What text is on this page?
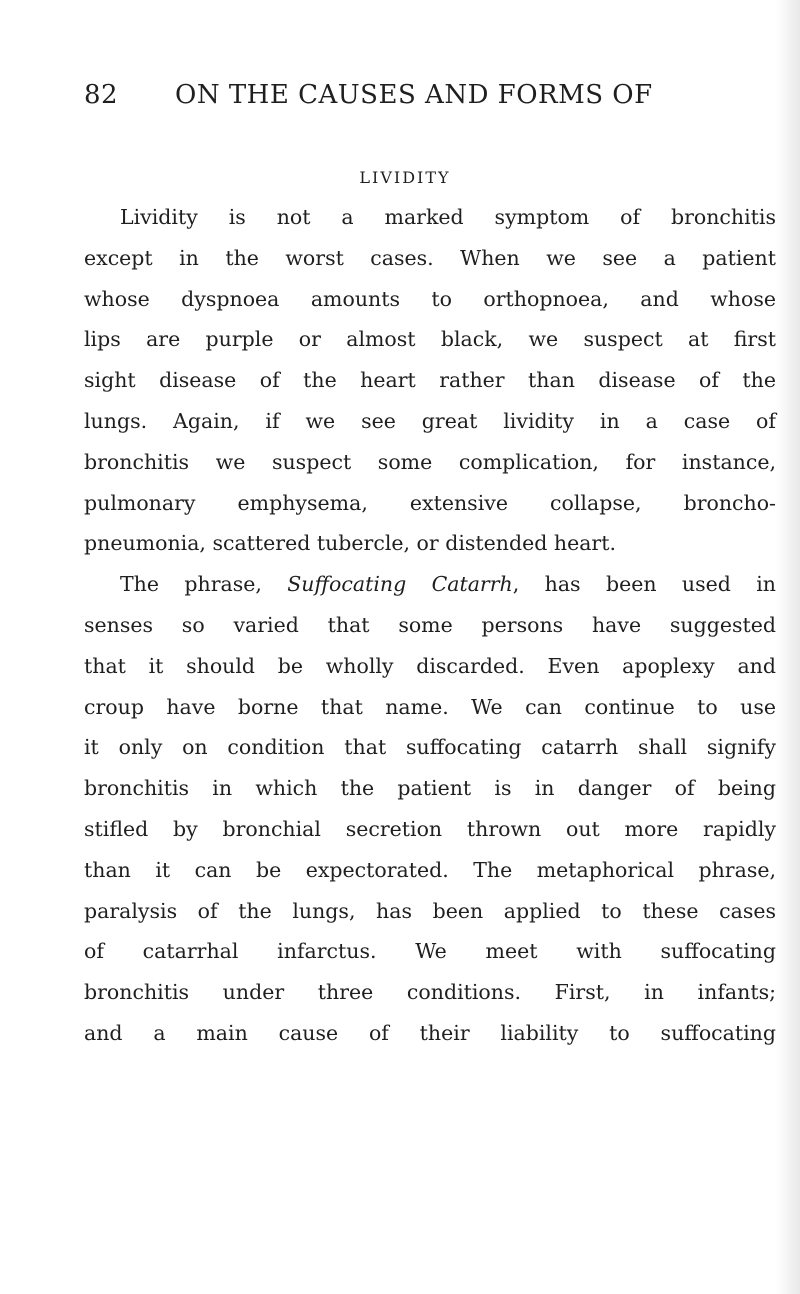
82 ON THE CAUSES AND FORMS OF
LIVIDITY
Lividity is not a marked symptom of bronchitis
except in the worst cases. When we see a patient
whose dyspnoea amounts to orthopnoea, and whose
lips are purple or almost black, we suspect at first
sight disease of the heart rather than disease of the
lungs. Again, if we see great lividity in a case of
bronchitis we suspect some complication, for instance,
pulmonary emphysema, extensive collapse, broncho-
pneumonia, scattered tubercle, or distended heart.
The phrase, Suffocating Catarrh, has been used in
senses so varied that some persons have suggested
that it should be wholly discarded. Even apoplexy and
croup have borne that name. We can continue to use
it only on condition that suffocating catarrh shall signify
bronchitis in which the patient is in danger of being
stifled by bronchial secretion thrown out more rapidly
than it can be expectorated. The metaphorical phrase,
paralysis of the lungs, has been applied to these cases
of catarrhal infarctus. We meet with suffocating
bronchitis under three conditions. First, in infants;
and a main cause of their liability to suffocating
